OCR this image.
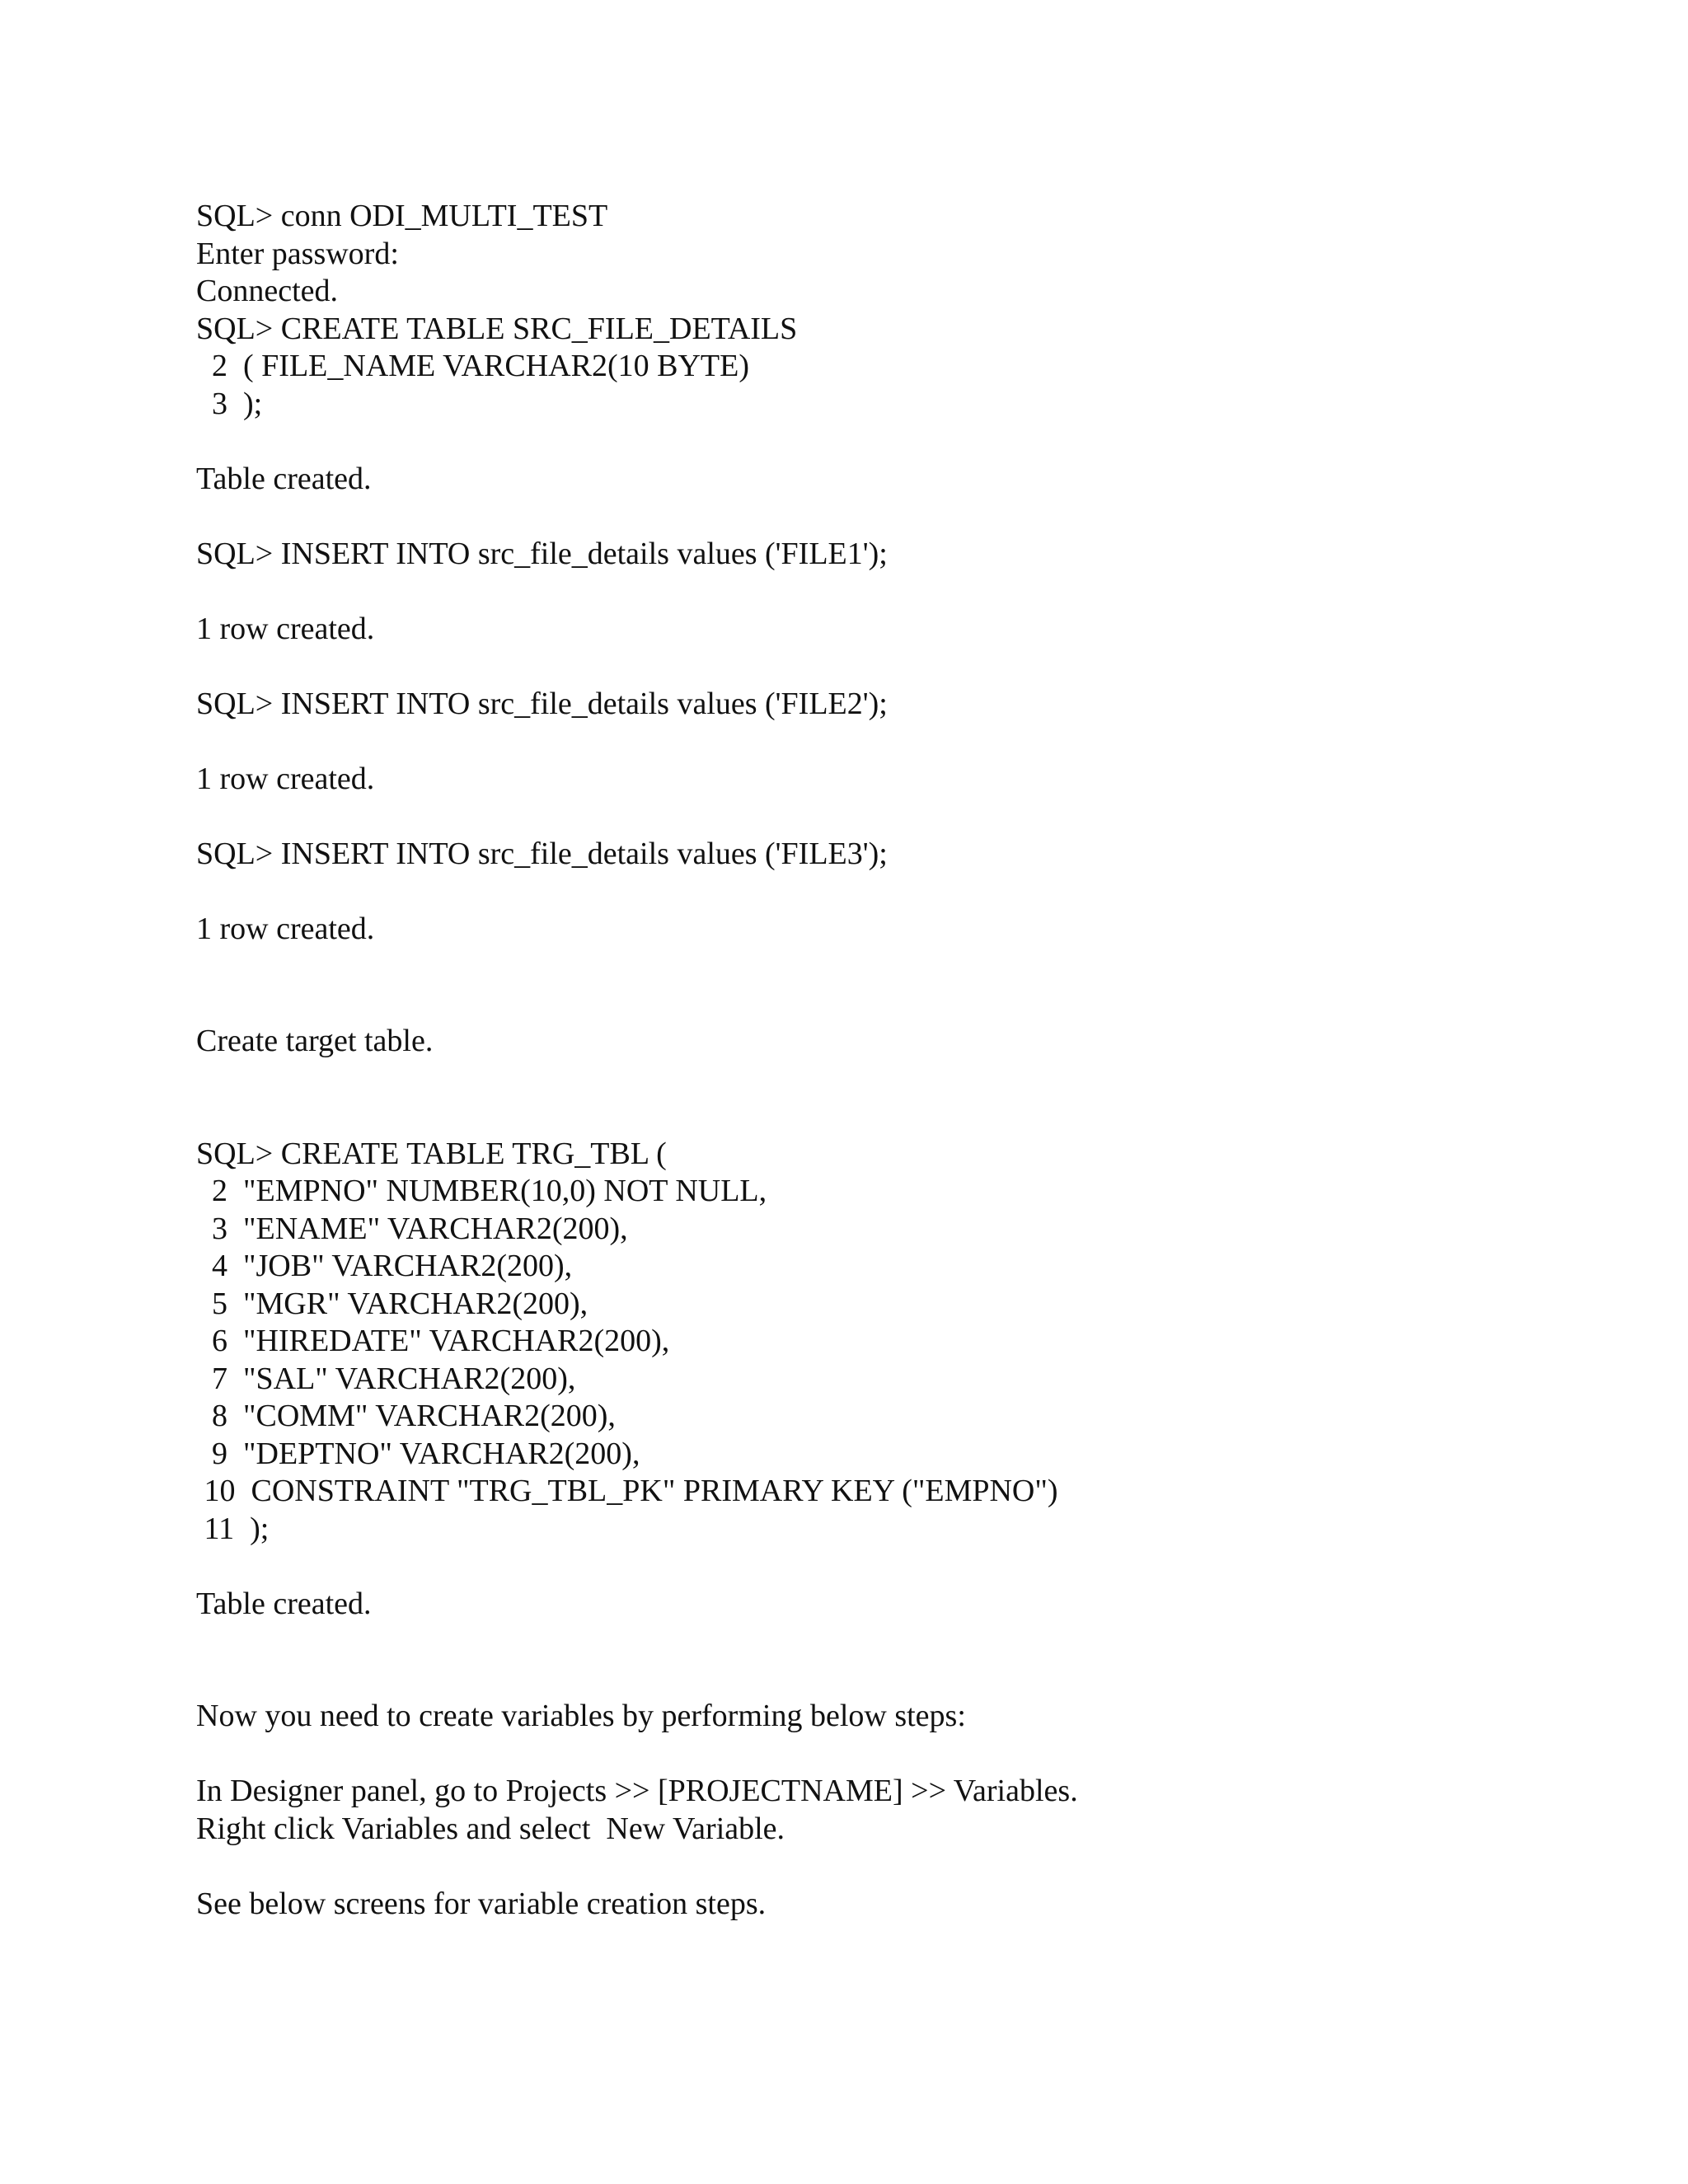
SQL> conn ODI_MULTI_TEST
Enter password:
Connected.
SQL> CREATE TABLE SRC_FILE_DETAILS
2  ( FILE_NAME VARCHAR2(10 BYTE)
3  );
Table created.
SQL> INSERT INTO src_file_details values ('FILE1');
1 row created.
SQL> INSERT INTO src_file_details values ('FILE2');
1 row created.
SQL> INSERT INTO src_file_details values ('FILE3');
1 row created.
Create target table.
SQL> CREATE TABLE TRG_TBL (
2  "EMPNO" NUMBER(10,0) NOT NULL,
3  "ENAME" VARCHAR2(200),
4  "JOB" VARCHAR2(200),
5  "MGR" VARCHAR2(200),
6  "HIREDATE" VARCHAR2(200),
7  "SAL" VARCHAR2(200),
8  "COMM" VARCHAR2(200),
9  "DEPTNO" VARCHAR2(200),
10  CONSTRAINT "TRG_TBL_PK" PRIMARY KEY ("EMPNO")
11  );
Table created.
Now you need to create variables by performing below steps:
In Designer panel, go to Projects >> [PROJECTNAME] >> Variables.
Right click Variables and select  New Variable.
See below screens for variable creation steps.
